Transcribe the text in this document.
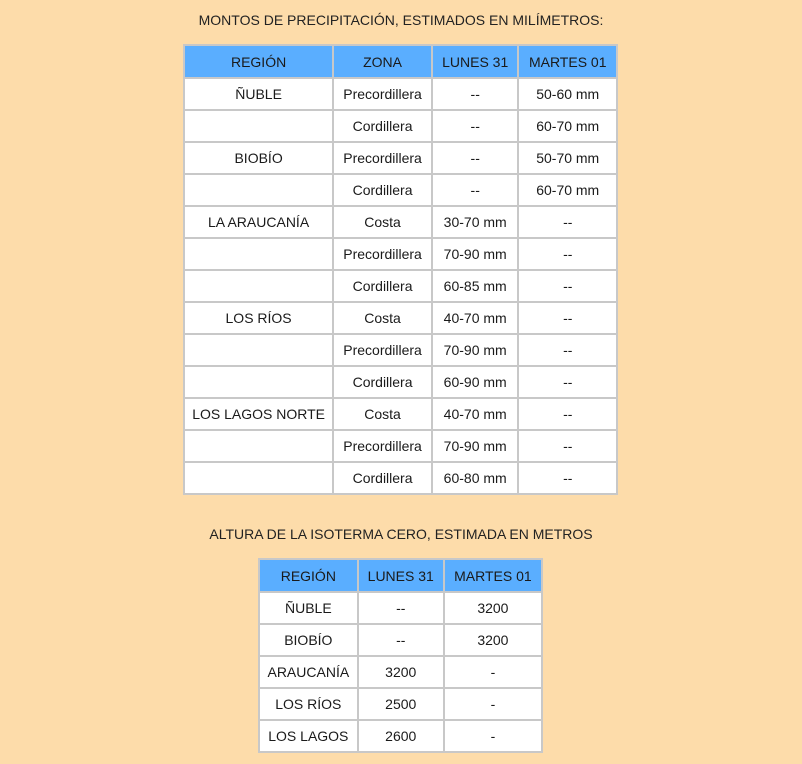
MONTOS DE PRECIPITACIÓN, ESTIMADOS EN MILÍMETROS:
REGIÓN	ZONA	LUNES 31	MARTES 01
ÑUBLE	Precordillera	--	50-60 mm
	Cordillera	--	60-70 mm
BIOBÍO	Precordillera	--	50-70 mm
	Cordillera	--	60-70 mm
LA ARAUCANÍA	Costa	30-70 mm	--
	Precordillera	70-90 mm	--
	Cordillera	60-85 mm	--
LOS RÍOS	Costa	40-70 mm	--
	Precordillera	70-90 mm	--
	Cordillera	60-90 mm	--
LOS LAGOS NORTE	Costa	40-70 mm	--
	Precordillera	70-90 mm	--
	Cordillera	60-80 mm	--
ALTURA DE LA ISOTERMA CERO, ESTIMADA EN METROS
REGIÓN	LUNES 31	MARTES 01
ÑUBLE	--	3200
BIOBÍO	--	3200
ARAUCANÍA	3200	-
LOS RÍOS	2500	-
LOS LAGOS	2600	-
